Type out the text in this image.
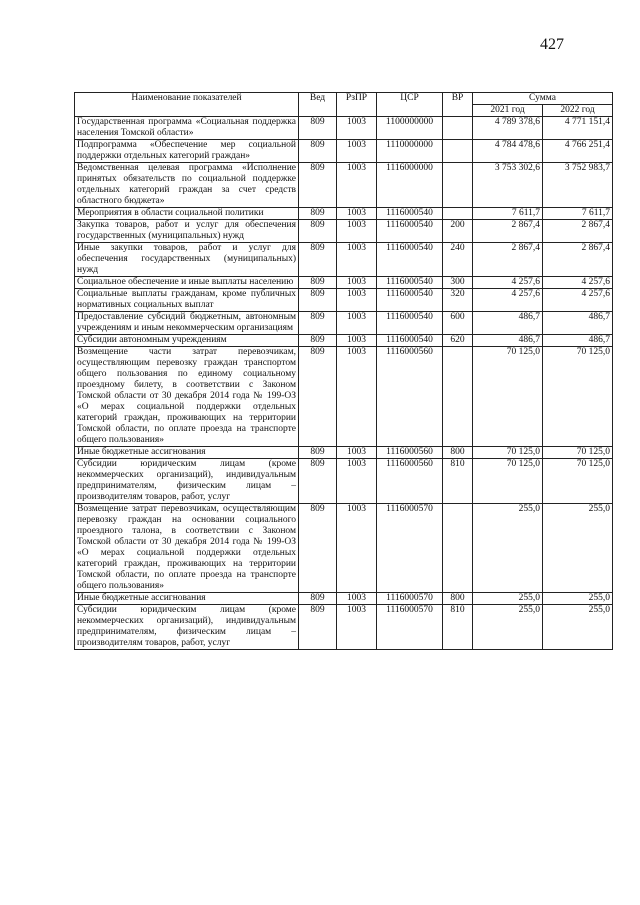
427
Наименование показателей	Вед	РзПР	ЦСР	ВР	Сумма	
					2021 год	2022 год
Государственная программа «Социальная поддержка населения Томской области»	809	1003	1100000000		4 789 378,6	4 771 151,4
Подпрограмма «Обеспечение мер социальной поддержки отдельных категорий граждан»	809	1003	1110000000		4 784 478,6	4 766 251,4
Ведомственная целевая программа «Исполнение принятых обязательств по социальной поддержке отдельных категорий граждан за счет средств областного бюджета»	809	1003	1116000000		3 753 302,6	3 752 983,7
Мероприятия в области социальной политики	809	1003	1116000540		7 611,7	7 611,7
Закупка товаров, работ и услуг для обеспечения государственных (муниципальных) нужд	809	1003	1116000540	200	2 867,4	2 867,4
Иные закупки товаров, работ и услуг для обеспечения государственных (муниципальных) нужд	809	1003	1116000540	240	2 867,4	2 867,4
Социальное обеспечение и иные выплаты населению	809	1003	1116000540	300	4 257,6	4 257,6
Социальные выплаты гражданам, кроме публичных нормативных социальных выплат	809	1003	1116000540	320	4 257,6	4 257,6
Предоставление субсидий бюджетным, автономным учреждениям и иным некоммерческим организациям	809	1003	1116000540	600	486,7	486,7
Субсидии автономным учреждениям	809	1003	1116000540	620	486,7	486,7
Возмещение части затрат перевозчикам, осуществляющим перевозку граждан транспортом общего пользования по единому социальному проездному билету, в соответствии с Законом Томской области от 30 декабря 2014 года № 199-ОЗ «О мерах социальной поддержки отдельных категорий граждан, проживающих на территории Томской области, по оплате проезда на транспорте общего пользования»	809	1003	1116000560		70 125,0	70 125,0
Иные бюджетные ассигнования	809	1003	1116000560	800	70 125,0	70 125,0
Субсидии юридическим лицам (кроме некоммерческих организаций), индивидуальным предпринимателям, физическим лицам – производителям товаров, работ, услуг	809	1003	1116000560	810	70 125,0	70 125,0
Возмещение затрат перевозчикам, осуществляющим перевозку граждан на основании социального проездного талона, в соответствии с Законом Томской области от 30 декабря 2014 года № 199-ОЗ «О мерах социальной поддержки отдельных категорий граждан, проживающих на территории Томской области, по оплате проезда на транспорте общего пользования»	809	1003	1116000570		255,0	255,0
Иные бюджетные ассигнования	809	1003	1116000570	800	255,0	255,0
Субсидии юридическим лицам (кроме некоммерческих организаций), индивидуальным предпринимателям, физическим лицам – производителям товаров, работ, услуг	809	1003	1116000570	810	255,0	255,0
